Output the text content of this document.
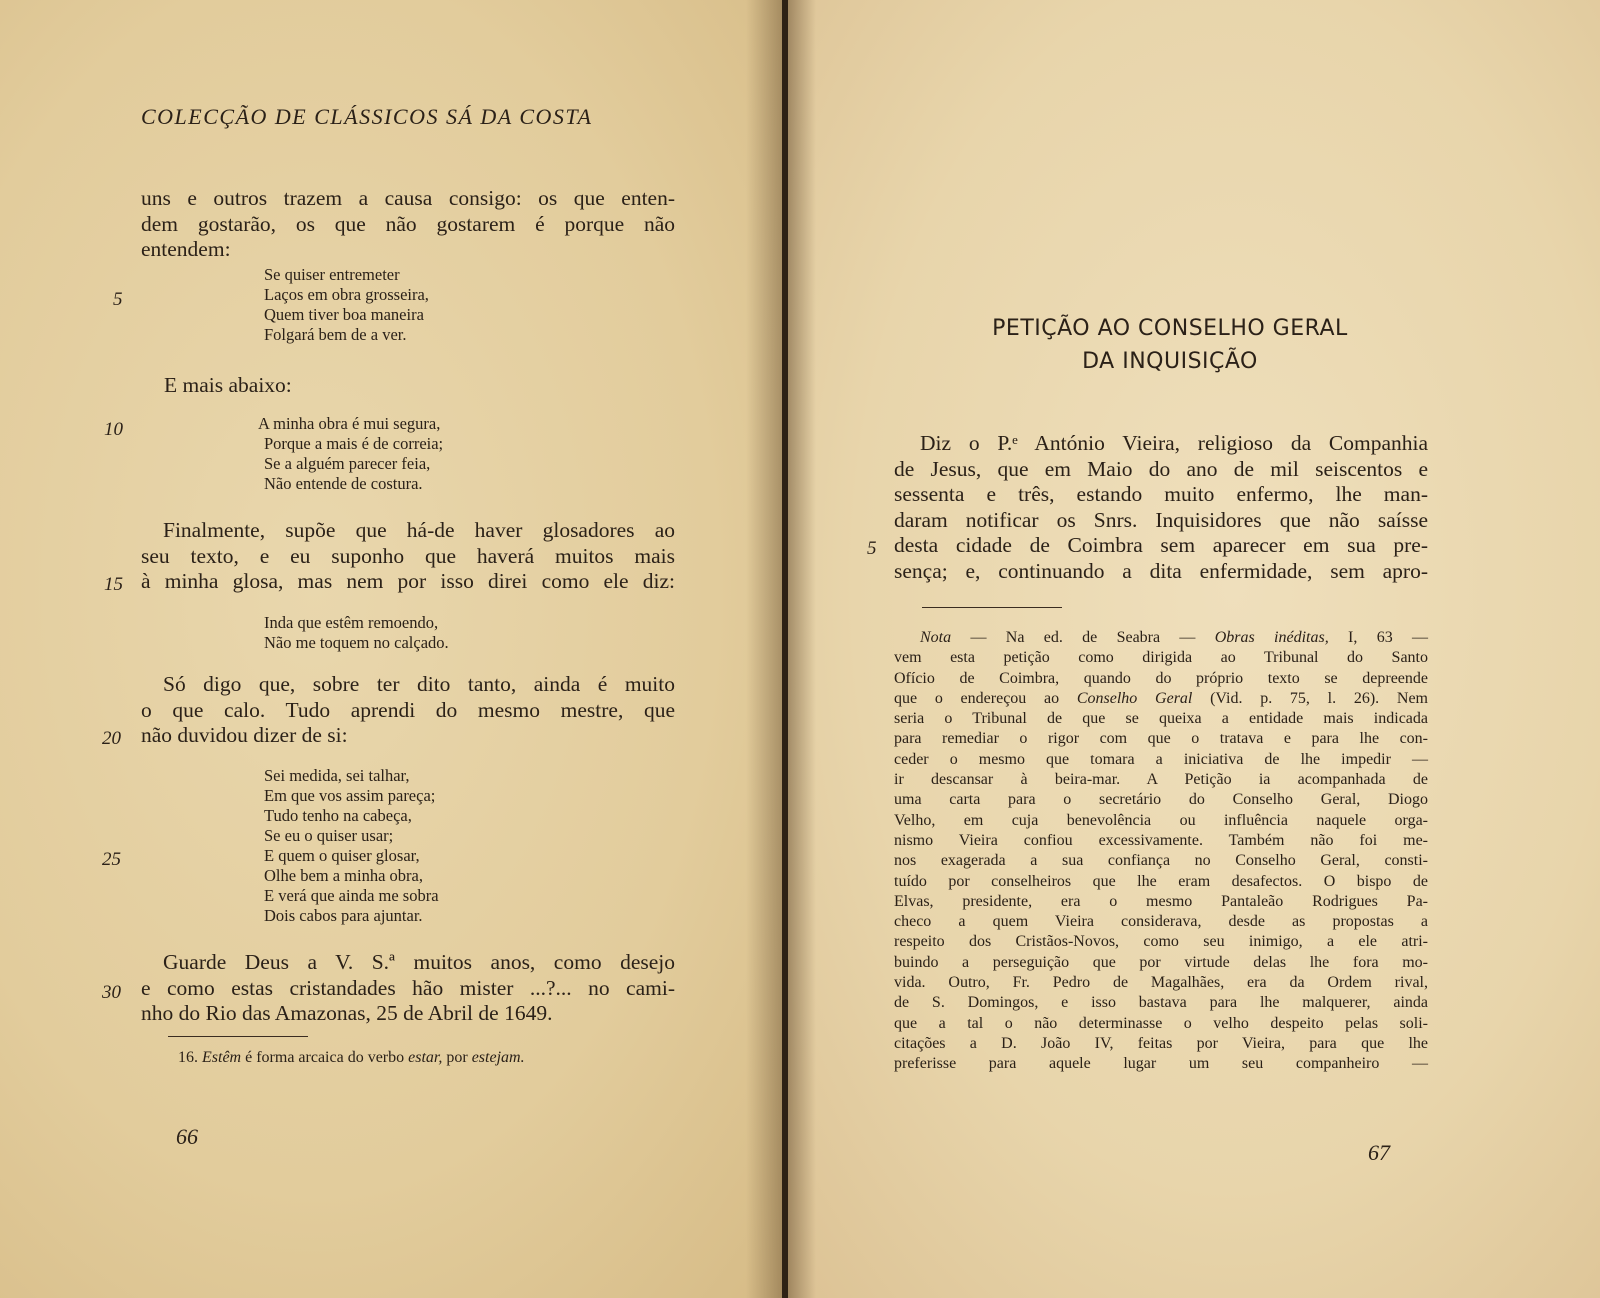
COLECÇÃO DE CLÁSSICOS SÁ DA COSTA
uns e outros trazem a causa consigo: os que enten-
dem gostarão, os que não gostarem é porque não
entendem:
Se quiser entremeter
Laços em obra grosseira,
Quem tiver boa maneira
Folgará bem de a ver.
E mais abaixo:
A minha obra é mui segura,
Porque a mais é de correia;
Se a alguém parecer feia,
Não entende de costura.
Finalmente, supõe que há-de haver glosadores ao
seu texto, e eu suponho que haverá muitos mais
à minha glosa, mas nem por isso direi como ele diz:
Inda que estêm remoendo,
Não me toquem no calçado.
Só digo que, sobre ter dito tanto, ainda é muito
o que calo. Tudo aprendi do mesmo mestre, que
não duvidou dizer de si:
Sei medida, sei talhar,
Em que vos assim pareça;
Tudo tenho na cabeça,
Se eu o quiser usar;
E quem o quiser glosar,
Olhe bem a minha obra,
E verá que ainda me sobra
Dois cabos para ajuntar.
Guarde Deus a V. S.ª muitos anos, como desejo
e como estas cristandades hão mister ...?... no cami-
nho do Rio das Amazonas, 25 de Abril de 1649.
5
10
15
20
25
30
16. Estêm é forma arcaica do verbo estar, por estejam.
66
PETIÇÃO AO CONSELHO GERAL
DA INQUISIÇÃO
Diz o P.ᵉ António Vieira, religioso da Companhia
de Jesus, que em Maio do ano de mil seiscentos e
sessenta e três, estando muito enfermo, lhe man-
daram notificar os Snrs. Inquisidores que não saísse
desta cidade de Coimbra sem aparecer em sua pre-
sença; e, continuando a dita enfermidade, sem apro-
5
Nota — Na ed. de Seabra — Obras inéditas, I, 63 —
vem esta petição como dirigida ao Tribunal do Santo
Ofício de Coimbra, quando do próprio texto se depreende
que o endereçou ao Conselho Geral (Vid. p. 75, l. 26). Nem
seria o Tribunal de que se queixa a entidade mais indicada
para remediar o rigor com que o tratava e para lhe con-
ceder o mesmo que tomara a iniciativa de lhe impedir —
ir descansar à beira-mar. A Petição ia acompanhada de
uma carta para o secretário do Conselho Geral, Diogo
Velho, em cuja benevolência ou influência naquele orga-
nismo Vieira confiou excessivamente. Também não foi me-
nos exagerada a sua confiança no Conselho Geral, consti-
tuído por conselheiros que lhe eram desafectos. O bispo de
Elvas, presidente, era o mesmo Pantaleão Rodrigues Pa-
checo a quem Vieira considerava, desde as propostas a
respeito dos Cristãos-Novos, como seu inimigo, a ele atri-
buindo a perseguição que por virtude delas lhe fora mo-
vida. Outro, Fr. Pedro de Magalhães, era da Ordem rival,
de S. Domingos, e isso bastava para lhe malquerer, ainda
que a tal o não determinasse o velho despeito pelas soli-
citações a D. João IV, feitas por Vieira, para que lhe
preferisse para aquele lugar um seu companheiro —
67
